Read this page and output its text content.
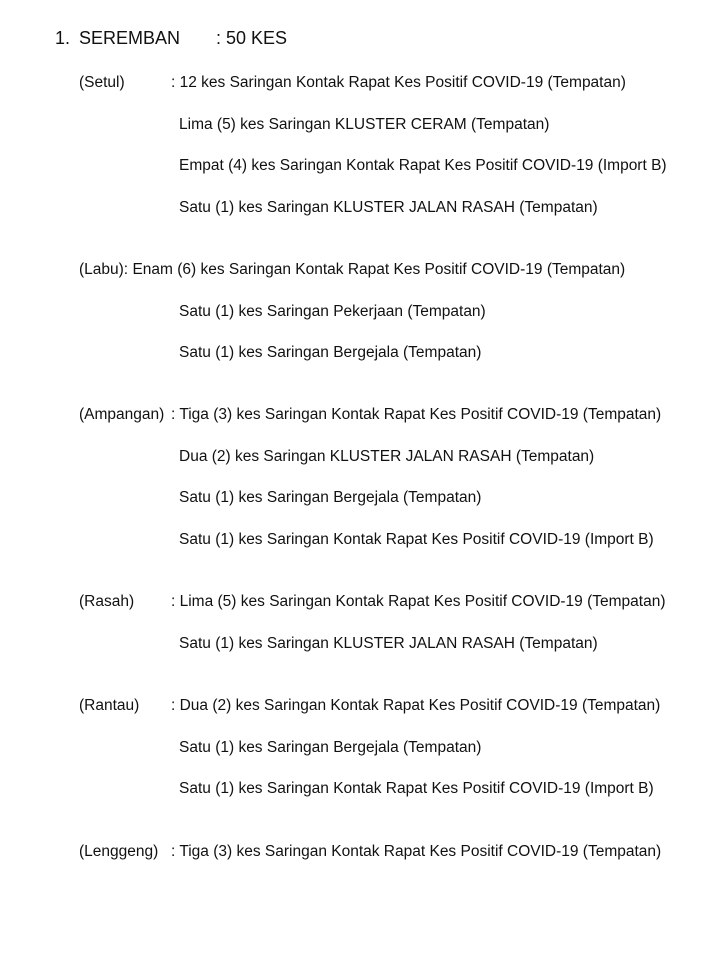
1. SEREMBAN : 50 KES
(Setul)	: 12 kes Saringan Kontak Rapat Kes Positif COVID-19 (Tempatan)
Lima (5) kes Saringan KLUSTER CERAM (Tempatan)
Empat (4) kes Saringan Kontak Rapat Kes Positif COVID-19 (Import B)
Satu (1) kes Saringan KLUSTER JALAN RASAH (Tempatan)
(Labu): Enam (6) kes Saringan Kontak Rapat Kes Positif COVID-19 (Tempatan)
Satu (1) kes Saringan Pekerjaan (Tempatan)
Satu (1) kes Saringan Bergejala (Tempatan)
(Ampangan) : Tiga (3) kes Saringan Kontak Rapat Kes Positif COVID-19 (Tempatan)
Dua (2) kes Saringan KLUSTER JALAN RASAH (Tempatan)
Satu (1) kes Saringan Bergejala (Tempatan)
Satu (1) kes Saringan Kontak Rapat Kes Positif COVID-19 (Import B)
(Rasah) : Lima (5) kes Saringan Kontak Rapat Kes Positif COVID-19 (Tempatan)
Satu (1) kes Saringan KLUSTER JALAN RASAH (Tempatan)
(Rantau) : Dua (2) kes Saringan Kontak Rapat Kes Positif COVID-19 (Tempatan)
Satu (1) kes Saringan Bergejala (Tempatan)
Satu (1) kes Saringan Kontak Rapat Kes Positif COVID-19 (Import B)
(Lenggeng) : Tiga (3) kes Saringan Kontak Rapat Kes Positif COVID-19 (Tempatan)
